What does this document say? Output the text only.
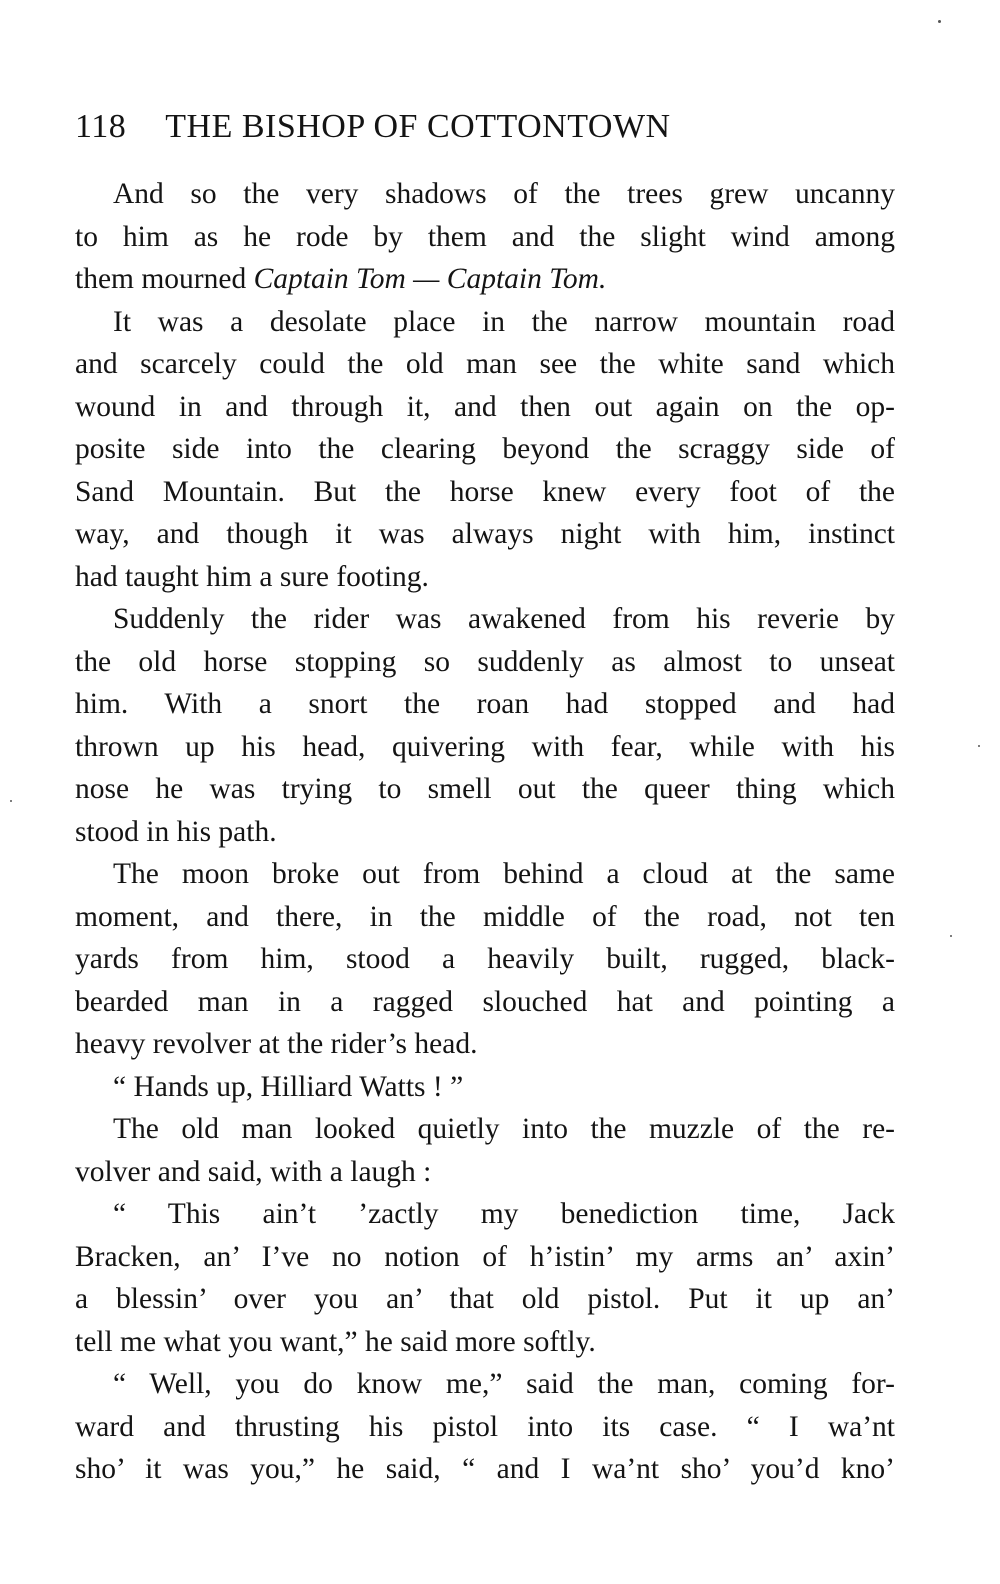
118 THE BISHOP OF COTTONTOWN
And so the very shadows of the trees grew uncanny
to him as he rode by them and the slight wind among
them mourned Captain Tom — Captain Tom.
It was a desolate place in the narrow mountain road
and scarcely could the old man see the white sand which
wound in and through it, and then out again on the op-
posite side into the clearing beyond the scraggy side of
Sand Mountain. But the horse knew every foot of the
way, and though it was always night with him, instinct
had taught him a sure footing.
Suddenly the rider was awakened from his reverie by
the old horse stopping so suddenly as almost to unseat
him. With a snort the roan had stopped and had
thrown up his head, quivering with fear, while with his
nose he was trying to smell out the queer thing which
stood in his path.
The moon broke out from behind a cloud at the same
moment, and there, in the middle of the road, not ten
yards from him, stood a heavily built, rugged, black-
bearded man in a ragged slouched hat and pointing a
heavy revolver at the rider’s head.
“ Hands up, Hilliard Watts ! ”
The old man looked quietly into the muzzle of the re-
volver and said, with a laugh :
“ This ain’t ’zactly my benediction time, Jack
Bracken, an’ I’ve no notion of h’istin’ my arms an’ axin’
a blessin’ over you an’ that old pistol. Put it up an’
tell me what you want,” he said more softly.
“ Well, you do know me,” said the man, coming for-
ward and thrusting his pistol into its case. “ I wa’nt
sho’ it was you,” he said, “ and I wa’nt sho’ you’d kno’
